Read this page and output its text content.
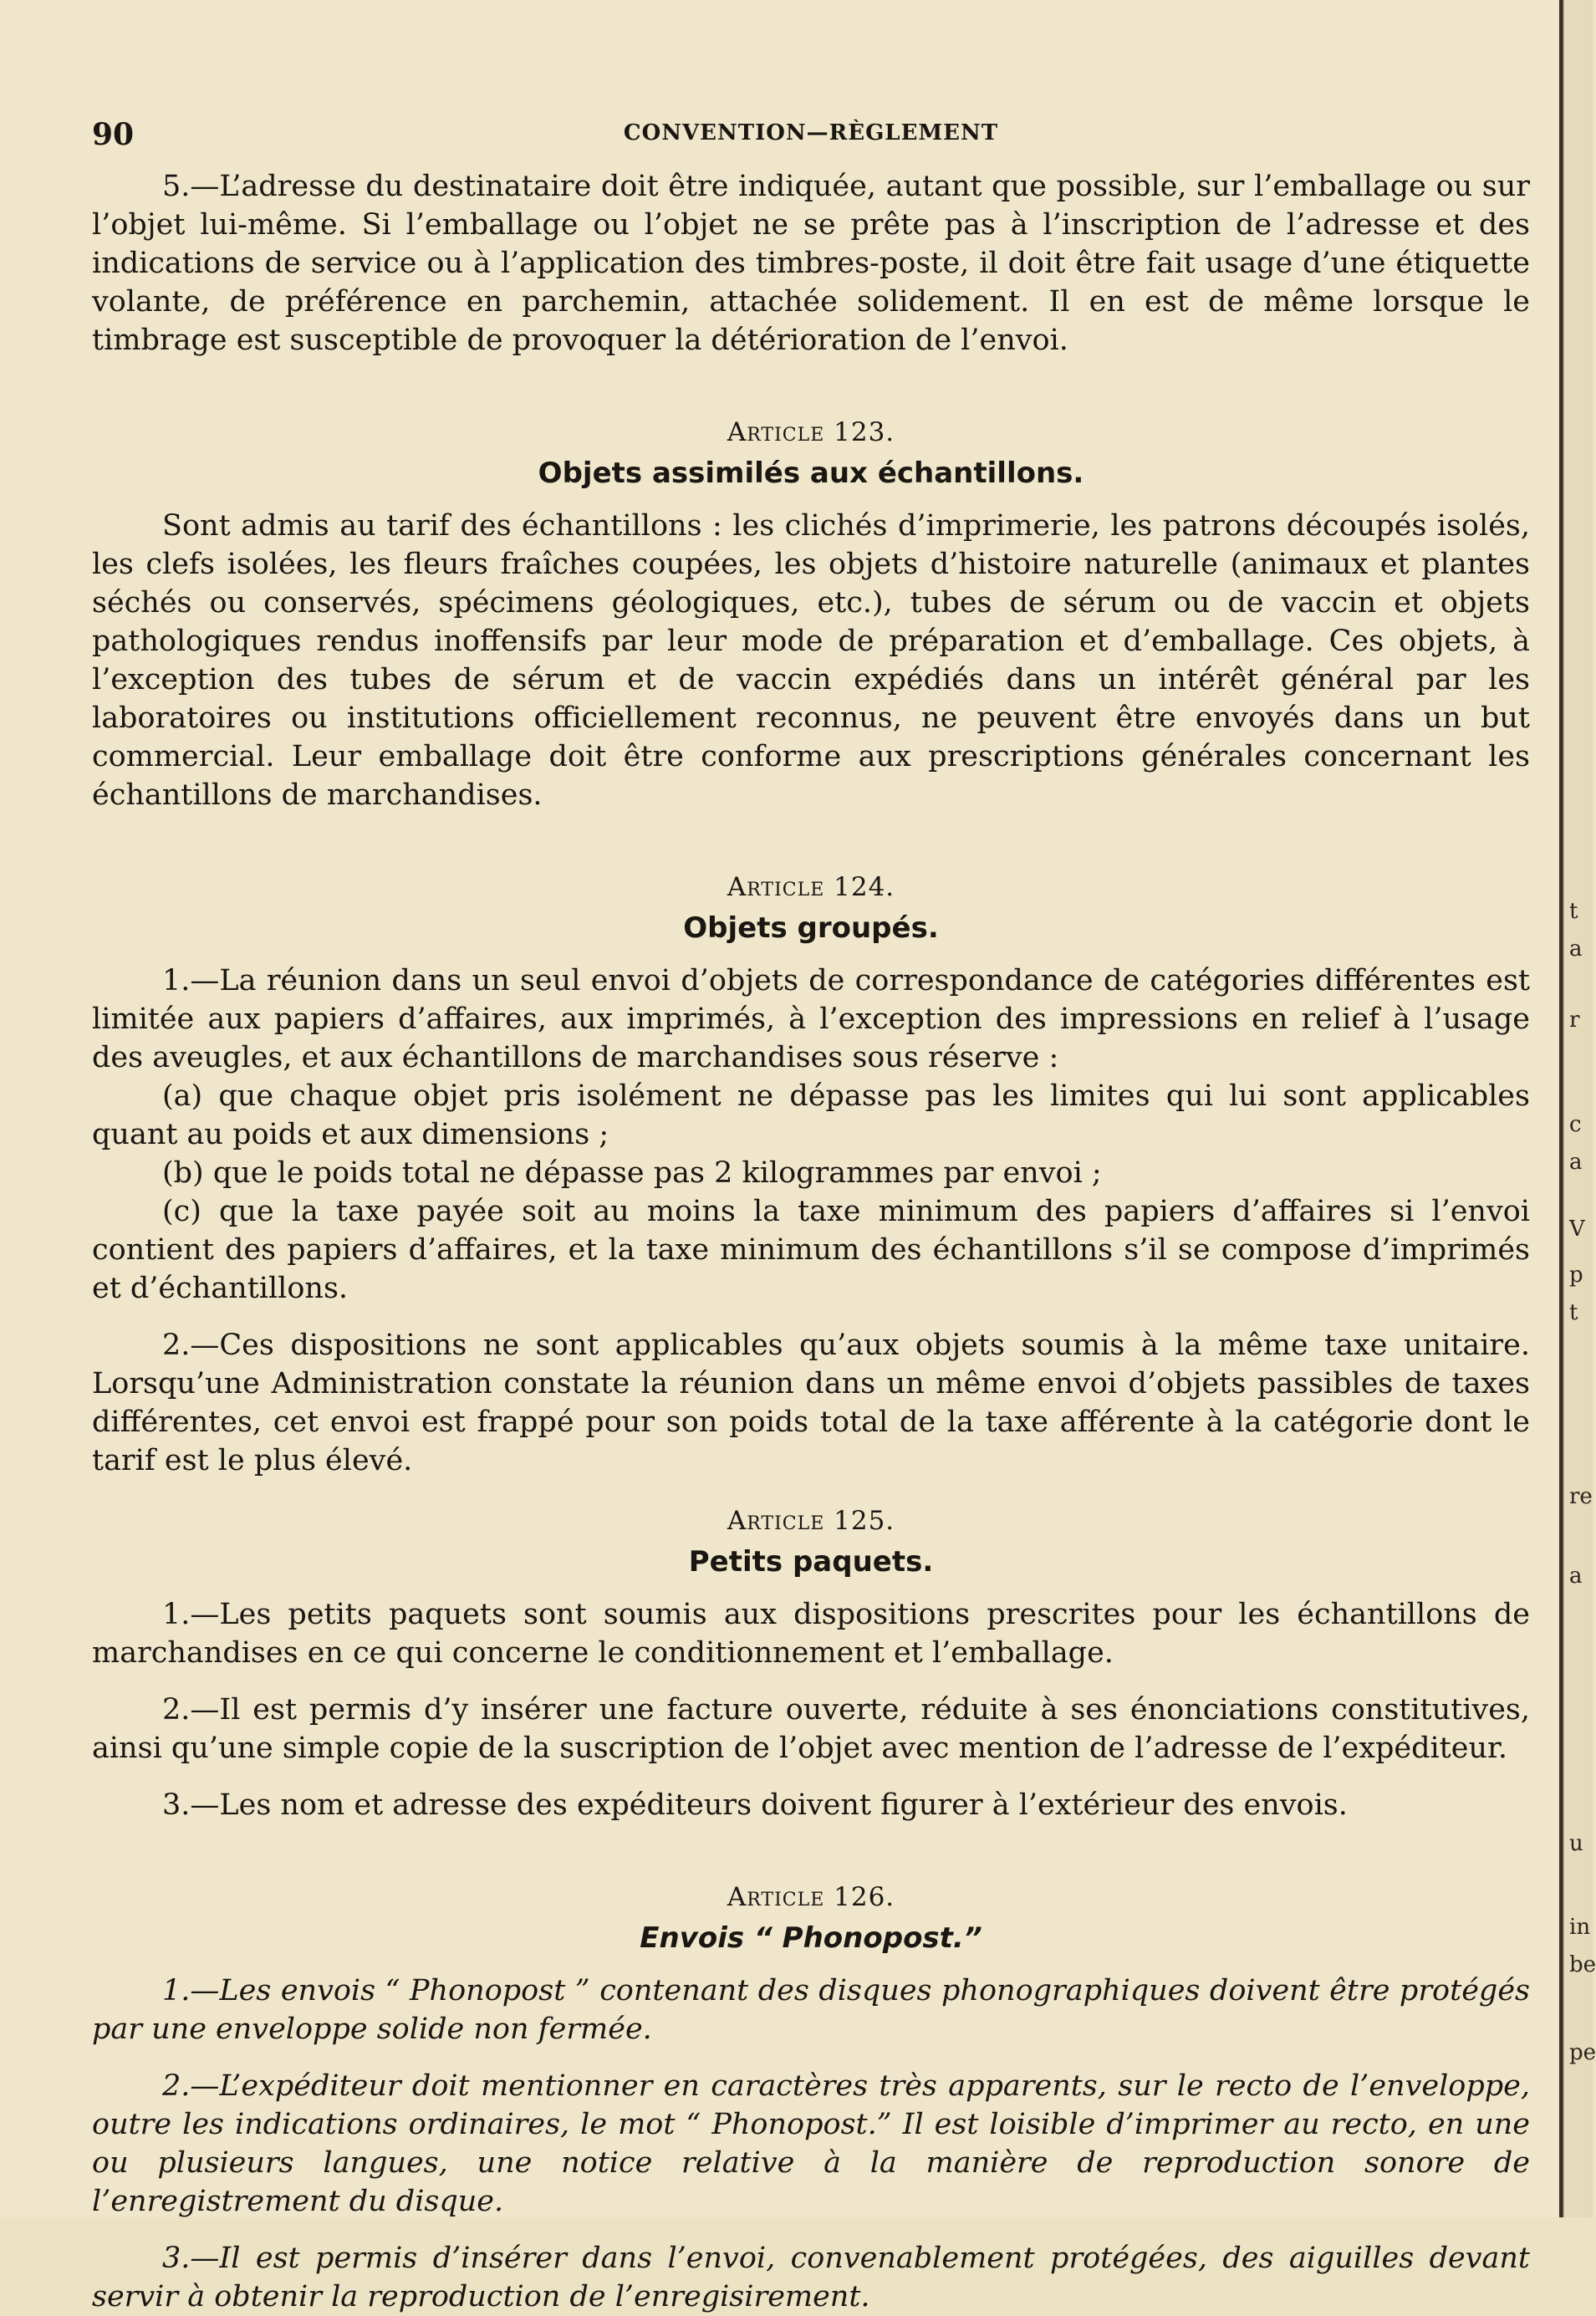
90	CONVENTION—RÈGLEMENT

5.—L’adresse du destinataire doit être indiquée, autant que possible, sur l’emballage ou sur l’objet lui-même. Si l’emballage ou l’objet ne se prête pas à l’inscription de l’adresse et des indications de service ou à l’application des timbres-poste, il doit être fait usage d’une étiquette volante, de préférence en parchemin, attachée solidement. Il en est de même lorsque le timbrage est susceptible de provoquer la détérioration de l’envoi.

Article 123.
Objets assimilés aux échantillons.

Sont admis au tarif des échantillons : les clichés d’imprimerie, les patrons découpés isolés, les clefs isolées, les fleurs fraîches coupées, les objets d’histoire naturelle (animaux et plantes séchés ou conservés, spécimens géologiques, etc.), tubes de sérum ou de vaccin et objets pathologiques rendus inoffensifs par leur mode de préparation et d’emballage. Ces objets, à l’exception des tubes de sérum et de vaccin expédiés dans un intérêt général par les laboratoires ou institutions officiellement reconnus, ne peuvent être envoyés dans un but commercial. Leur emballage doit être conforme aux prescriptions générales concernant les échantillons de marchandises.

Article 124.
Objets groupés.

1.—La réunion dans un seul envoi d’objets de correspondance de catégories différentes est limitée aux papiers d’affaires, aux imprimés, à l’exception des impressions en relief à l’usage des aveugles, et aux échantillons de marchandises sous réserve :

(a) que chaque objet pris isolément ne dépasse pas les limites qui lui sont applicables quant au poids et aux dimensions ;

(b) que le poids total ne dépasse pas 2 kilogrammes par envoi ;

(c) que la taxe payée soit au moins la taxe minimum des papiers d’affaires si l’envoi contient des papiers d’affaires, et la taxe minimum des échantillons s’il se compose d’imprimés et d’échantillons.

2.—Ces dispositions ne sont applicables qu’aux objets soumis à la même taxe unitaire. Lorsqu’une Administration constate la réunion dans un même envoi d’objets passibles de taxes différentes, cet envoi est frappé pour son poids total de la taxe afférente à la catégorie dont le tarif est le plus élevé.

Article 125.
Petits paquets.

1.—Les petits paquets sont soumis aux dispositions prescrites pour les échantillons de marchandises en ce qui concerne le conditionnement et l’emballage.

2.—Il est permis d’y insérer une facture ouverte, réduite à ses énonciations constitutives, ainsi qu’une simple copie de la suscription de l’objet avec mention de l’adresse de l’expéditeur.

3.—Les nom et adresse des expéditeurs doivent figurer à l’extérieur des envois.

Article 126.
Envois “ Phonopost.”

1.—Les envois “ Phonopost ” contenant des disques phonographiques doivent être protégés par une enveloppe solide non fermée.

2.—L’expéditeur doit mentionner en caractères très apparents, sur le recto de l’enveloppe, outre les indications ordinaires, le mot “ Phonopost.” Il est loisible d’imprimer au recto, en une ou plusieurs langues, une notice relative à la manière de reproduction sonore de l’enregistrement du disque.

3.—Il est permis d’insérer dans l’envoi, convenablement protégées, des aiguilles devant servir à obtenir la reproduction de l’enregisirement.

t
a
r
c
a
V
p
t
re
a
u
in
be
pe
